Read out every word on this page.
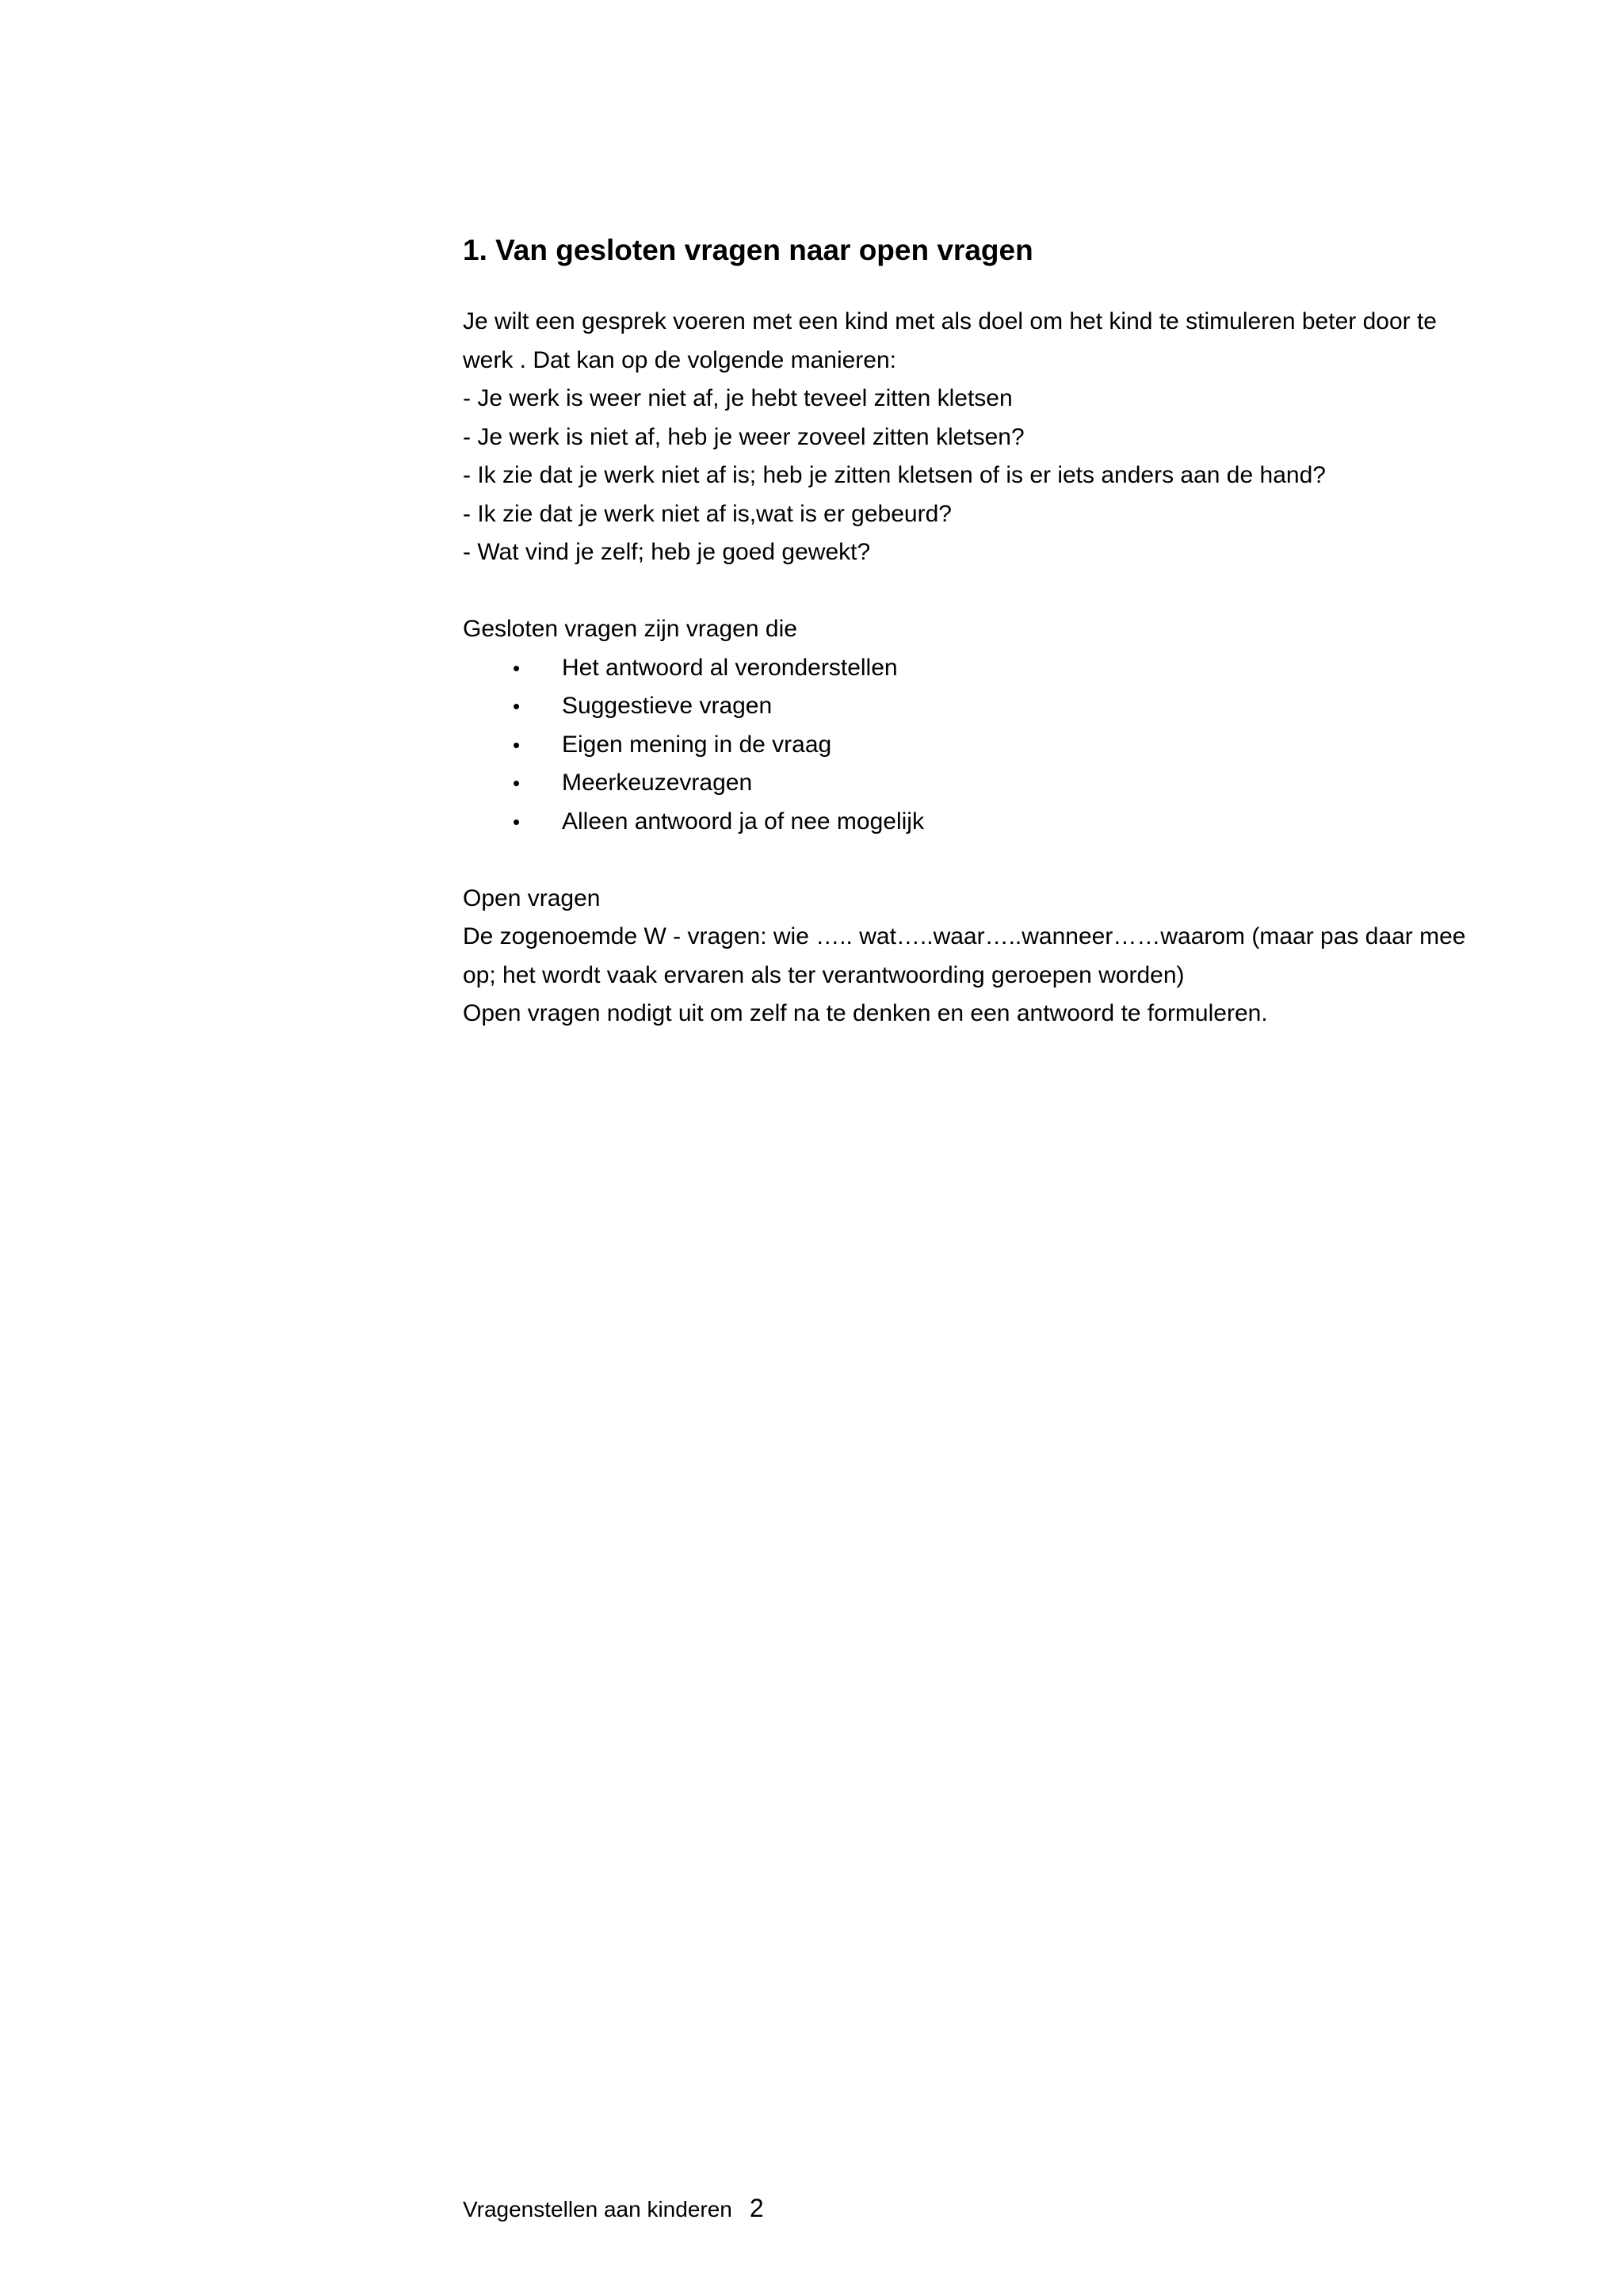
1. Van gesloten vragen naar open vragen

Je wilt een gesprek voeren met een kind met als doel om het kind te stimuleren beter door te
werk . Dat kan op de volgende manieren:
- Je werk is weer niet af, je hebt teveel zitten kletsen
- Je werk is niet af, heb je weer zoveel zitten kletsen?
- Ik zie dat je werk niet af is; heb je zitten kletsen of is er iets anders aan de hand?
- Ik zie dat je werk niet af is,wat is er gebeurd?
- Wat vind je zelf; heb je goed gewekt?

Gesloten vragen zijn vragen die

• Het antwoord al veronderstellen
• Suggestieve vragen
• Eigen mening in de vraag
• Meerkeuzevragen
• Alleen antwoord ja of nee mogelijk

Open vragen
De zogenoemde W - vragen: wie ….. wat…..waar…..wanneer……waarom (maar pas daar mee
op; het wordt vaak ervaren als ter verantwoording geroepen worden)
Open vragen nodigt uit om zelf na te denken en een antwoord te formuleren.

Vragenstellen aan kinderen 2
